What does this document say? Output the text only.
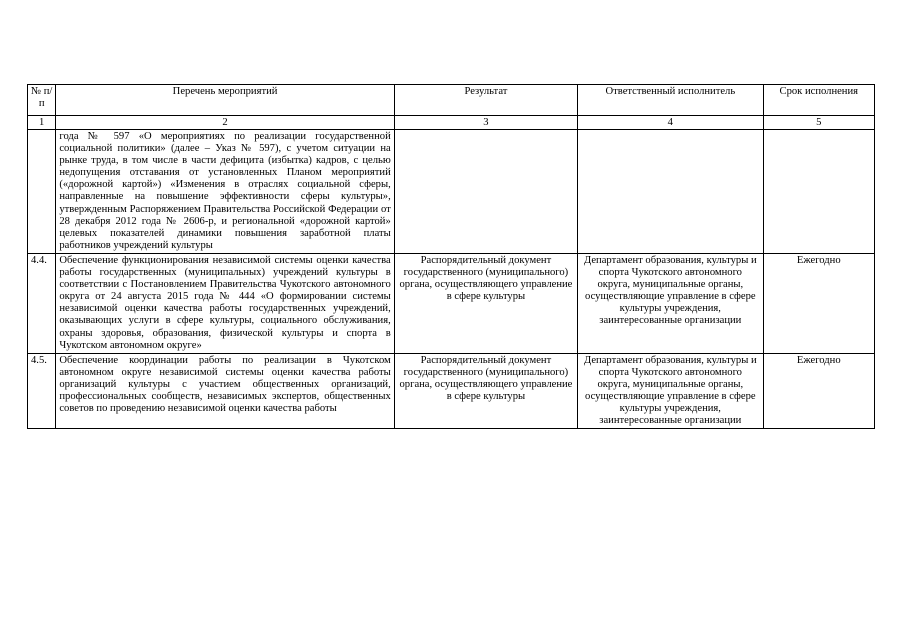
№ п/п	Перечень мероприятий	Результат	Ответственный исполнитель	Срок исполнения
1	2	3	4	5
	года № 597 «О мероприятиях по реализации государственной социальной политики» (далее – Указ № 597), с учетом ситуации на рынке труда, в том числе в части дефицита (избытка) кадров, с целью недопущения отставания от установленных Планом мероприятий («дорожной картой») «Изменения в отраслях социальной сферы, направленные на повышение эффективности сферы культуры», утвержденным Распоряжением Правительства Российской Федерации от 28 декабря 2012 года № 2606-р, и региональной «дорожной картой» целевых показателей динамики повышения заработной платы работников учреждений культуры			
4.4.	Обеспечение функционирования независимой системы оценки качества работы государственных (муниципальных) учреждений культуры в соответствии с Постановлением Правительства Чукотского автономного округа от 24 августа 2015 года № 444 «О формировании системы независимой оценки качества работы государственных учреждений, оказывающих услуги в сфере культуры, социального обслуживания, охраны здоровья, образования, физической культуры и спорта в Чукотском автономном округе»	Распорядительный документ государственного (муниципального) органа, осуществляющего управление в сфере культуры	Департамент образования, культуры и спорта Чукотского автономного округа, муниципальные органы, осуществляющие управление в сфере культуры учреждения, заинтересованные организации	Ежегодно
4.5.	Обеспечение координации работы по реализации в Чукотском автономном округе независимой системы оценки качества работы организаций культуры с участием общественных организаций, профессиональных сообществ, независимых экспертов, общественных советов по проведению независимой оценки качества работы	Распорядительный документ государственного (муниципального) органа, осуществляющего управление в сфере культуры	Департамент образования, культуры и спорта Чукотского автономного округа, муниципальные органы, осуществляющие управление в сфере культуры учреждения, заинтересованные организации	Ежегодно
